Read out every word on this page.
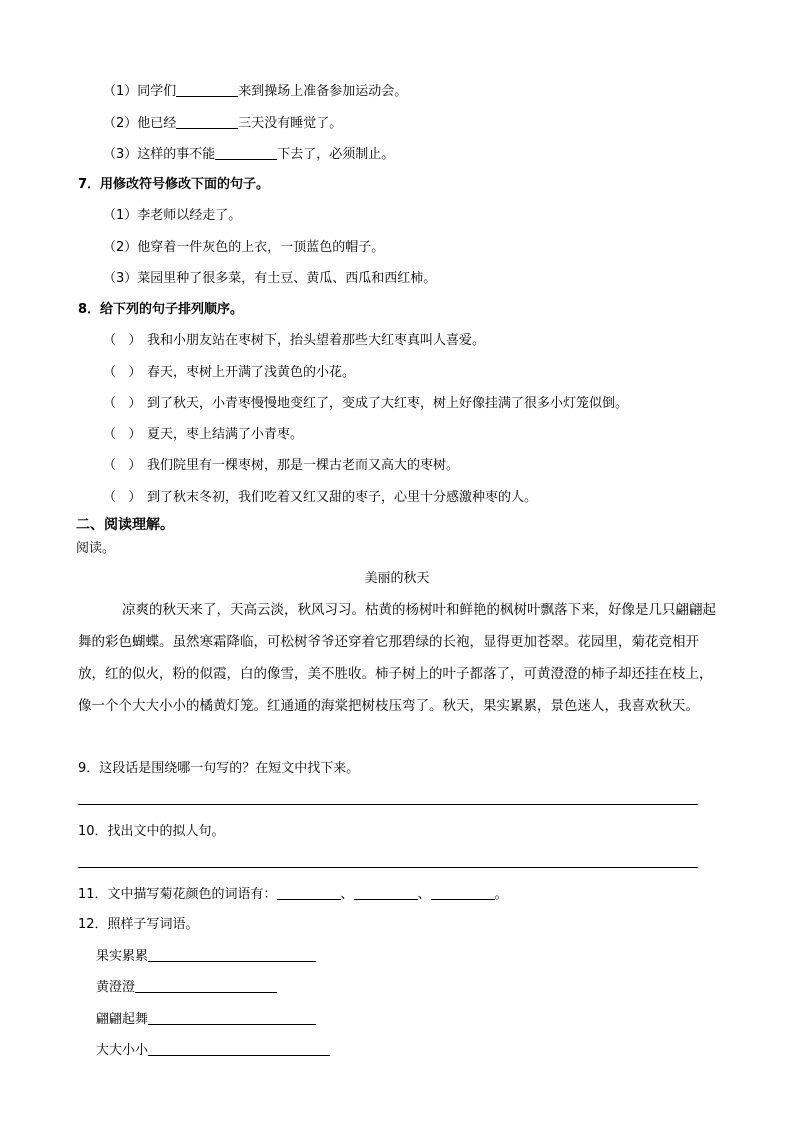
（1）同学们	来到操场上准备参加运动会。
（2）他已经	三天没有睡觉了。
（3）这样的事不能	下去了，必须制止。
7．用修改符号修改下面的句子。
（1）李老师以经走了。
（2）他穿着一件灰色的上衣，一顶蓝色的帽子。
（3）菜园里种了很多菜，有土豆、黄瓜、西瓜和西红柿。
8．给下列的句子排列顺序。
（ ） 我和小朋友站在枣树下，抬头望着那些大红枣真叫人喜爱。
（ ） 春天，枣树上开满了浅黄色的小花。
（ ） 到了秋天，小青枣慢慢地变红了，变成了大红枣，树上好像挂满了很多小灯笼似倒。
（ ） 夏天，枣上结满了小青枣。
（ ） 我们院里有一棵枣树，那是一棵古老而又高大的枣树。
（ ） 到了秋末冬初，我们吃着又红又甜的枣子，心里十分感激种枣的人。
二、阅读理解。
阅读。
美丽的秋天
凉爽的秋天来了，天高云淡，秋风习习。枯黄的杨树叶和鲜艳的枫树叶飘落下来，好像是几只翩翩起舞的彩色蝴蝶。虽然寒霜降临，可松树爷爷还穿着它那碧绿的长袍，显得更加苍翠。花园里，菊花竞相开放，红的似火，粉的似霞，白的像雪，美不胜收。柿子树上的叶子都落了，可黄澄澄的柿子却还挂在枝上，像一个个大大小小的橘黄灯笼。红通通的海棠把树枝压弯了。秋天，果实累累，景色迷人，我喜欢秋天。
9．这段话是围绕哪一句写的？在短文中找下来。
10．找出文中的拟人句。
11．文中描写菊花颜色的词语有：	、	、	。
12．照样子写词语。
果实累累
黄澄澄
翩翩起舞
大大小小
